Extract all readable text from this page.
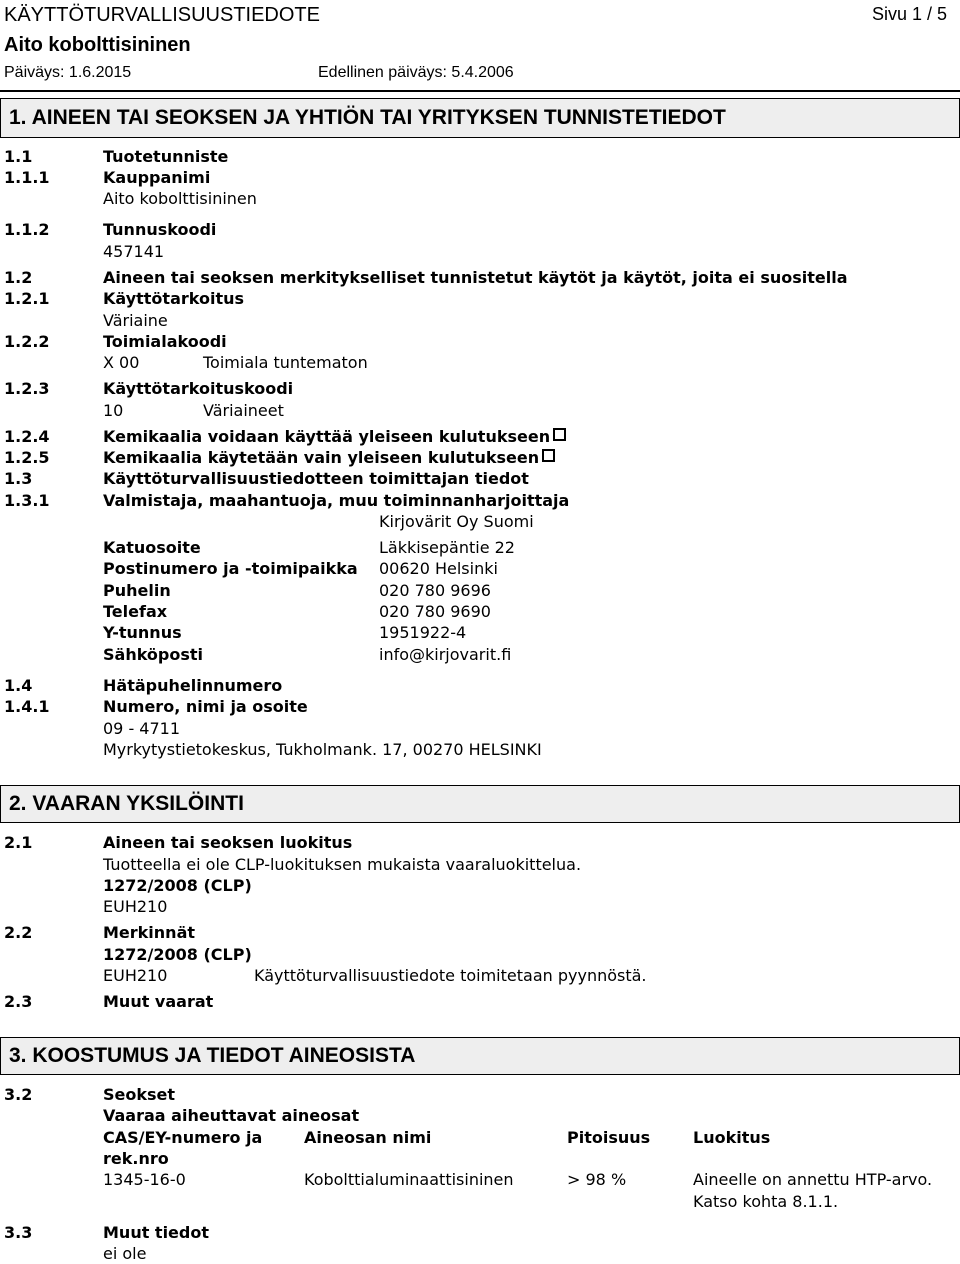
KÄYTTÖTURVALLISUUSTIEDOTE	Sivu 1 / 5
Aito kobolttisininen
Päiväys: 1.6.2015	Edellinen päiväys: 5.4.2006
1. AINEEN TAI SEOKSEN JA YHTIÖN TAI YRITYKSEN TUNNISTETIEDOT
1.1	Tuotetunniste
1.1.1	Kauppanimi
Aito kobolttisininen
1.1.2	Tunnuskoodi
457141
1.2	Aineen tai seoksen merkitykselliset tunnistetut käytöt ja käytöt, joita ei suositella
1.2.1	Käyttötarkoitus
Väriaine
1.2.2	Toimialakoodi
X 00	Toimiala tuntematon
1.2.3	Käyttötarkoituskoodi
10	Väriaineet
1.2.4	Kemikaalia voidaan käyttää yleiseen kulutukseen
1.2.5	Kemikaalia käytetään vain yleiseen kulutukseen
1.3	Käyttöturvallisuustiedotteen toimittajan tiedot
1.3.1	Valmistaja, maahantuoja, muu toiminnanharjoittaja
Kirjovärit Oy Suomi
Katuosoite	Läkkisepäntie 22
Postinumero ja -toimipaikka 00620 Helsinki
Puhelin	020 780 9696
Telefax	020 780 9690
Y-tunnus	1951922-4
Sähköposti	info@kirjovarit.fi
1.4	Hätäpuhelinnumero
1.4.1	Numero, nimi ja osoite
09 - 4711
Myrkytystietokeskus, Tukholmank. 17, 00270 HELSINKI
2. VAARAN YKSILÖINTI
2.1	Aineen tai seoksen luokitus
Tuotteella ei ole CLP-luokituksen mukaista vaaraluokittelua.
1272/2008 (CLP)
EUH210
2.2	Merkinnät
1272/2008 (CLP)
EUH210	Käyttöturvallisuustiedote toimitetaan pyynnöstä.
2.3	Muut vaarat
3. KOOSTUMUS JA TIEDOT AINEOSISTA
3.2	Seokset
Vaaraa aiheuttavat aineosat
CAS/EY-numero ja
rek.nro
Aineosan nimi	Pitoisuus	Luokitus
1345-16-0	Kobolttialuminaattisininen	> 98 %	Aineelle on annettu HTP-arvo.
Katso kohta 8.1.1.
3.3	Muut tiedot
ei ole
